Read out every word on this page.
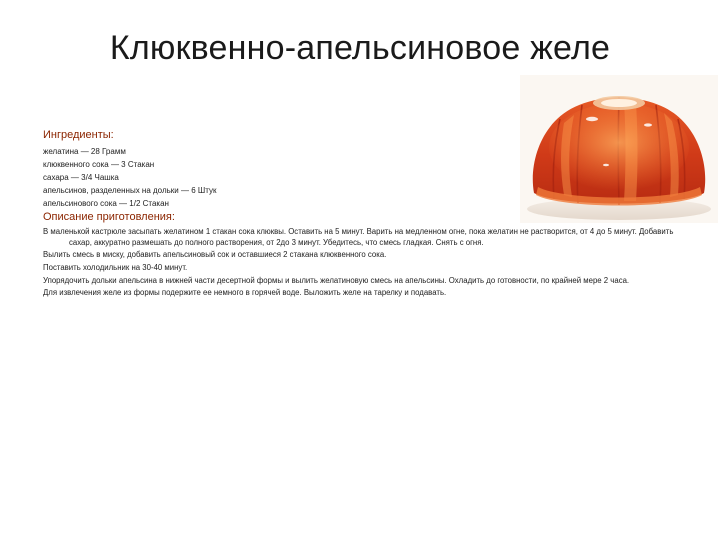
Клюквенно-апельсиновое желе
Ингредиенты:
желатина — 28 Грамм
клюквенного сока — 3 Стакан
сахара — 3/4 Чашка
апельсинов, разделенных на дольки — 6 Штук
апельсинового сока — 1/2 Стакан
Описание приготовления:
В маленькой кастрюле засыпать желатином 1 стакан сока клюквы. Оставить на 5 минут. Варить на медленном огне, пока желатин не растворится, от 4 до 5 минут. Добавить сахар, аккуратно размешать до полного растворения, от 2до 3 минут. Убедитесь, что смесь гладкая. Снять с огня.
Вылить смесь в миску, добавить апельсиновый сок и оставшиеся 2 стакана клюквенного сока.
Поставить холодильник на 30-40 минут.
Упорядочить дольки апельсина в нижней части десертной формы и вылить желатиновую смесь на апельсины. Охладить до готовности, по крайней мере 2 часа.
Для извлечения желе из формы подержите ее немного в горячей воде. Выложить желе на тарелку и подавать.
